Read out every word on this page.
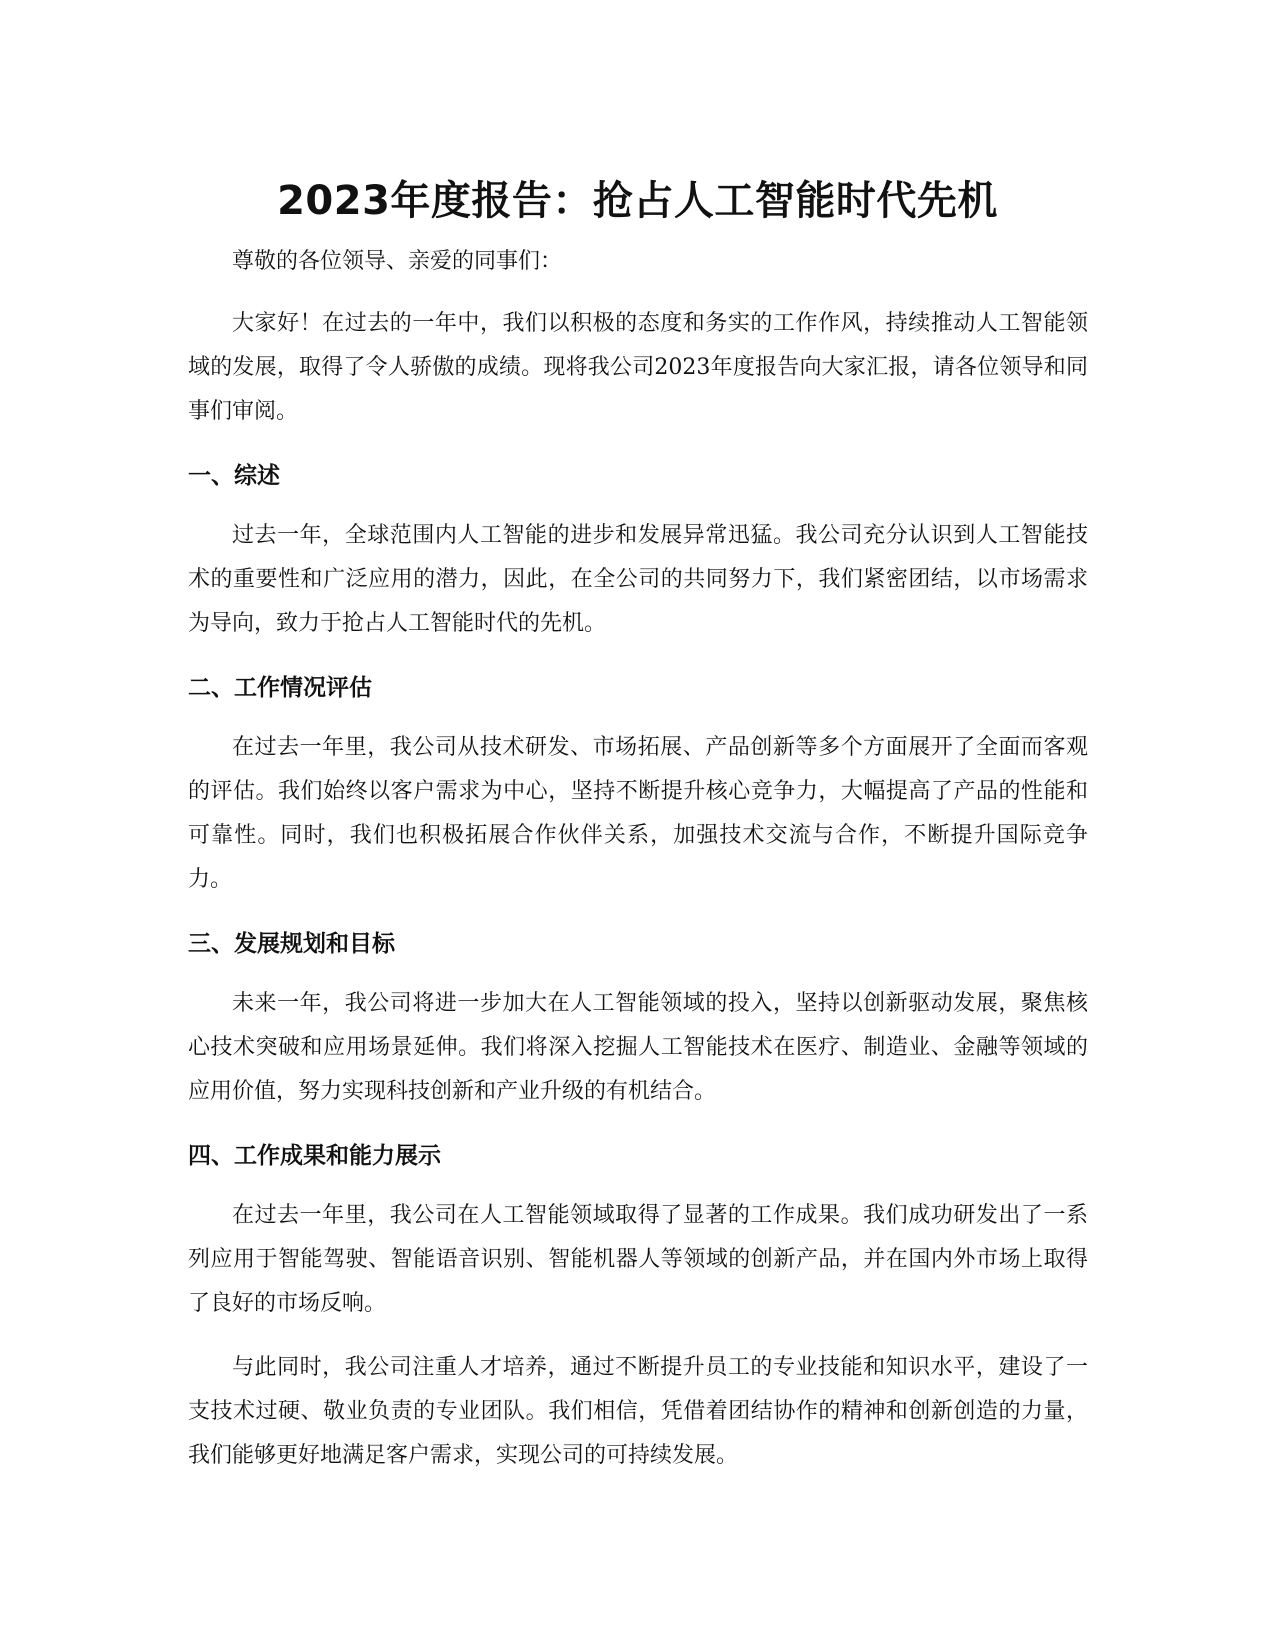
2023年度报告：抢占人工智能时代先机

尊敬的各位领导、亲爱的同事们：

大家好！在过去的一年中，我们以积极的态度和务实的工作作风，持续推动人工智能领域的发展，取得了令人骄傲的成绩。现将我公司2023年度报告向大家汇报，请各位领导和同事们审阅。

一、综述

过去一年，全球范围内人工智能的进步和发展异常迅猛。我公司充分认识到人工智能技术的重要性和广泛应用的潜力，因此，在全公司的共同努力下，我们紧密团结，以市场需求为导向，致力于抢占人工智能时代的先机。

二、工作情况评估

在过去一年里，我公司从技术研发、市场拓展、产品创新等多个方面展开了全面而客观的评估。我们始终以客户需求为中心，坚持不断提升核心竞争力，大幅提高了产品的性能和可靠性。同时，我们也积极拓展合作伙伴关系，加强技术交流与合作，不断提升国际竞争力。

三、发展规划和目标

未来一年，我公司将进一步加大在人工智能领域的投入，坚持以创新驱动发展，聚焦核心技术突破和应用场景延伸。我们将深入挖掘人工智能技术在医疗、制造业、金融等领域的应用价值，努力实现科技创新和产业升级的有机结合。

四、工作成果和能力展示

在过去一年里，我公司在人工智能领域取得了显著的工作成果。我们成功研发出了一系列应用于智能驾驶、智能语音识别、智能机器人等领域的创新产品，并在国内外市场上取得了良好的市场反响。

与此同时，我公司注重人才培养，通过不断提升员工的专业技能和知识水平，建设了一支技术过硬、敬业负责的专业团队。我们相信，凭借着团结协作的精神和创新创造的力量，我们能够更好地满足客户需求，实现公司的可持续发展。
